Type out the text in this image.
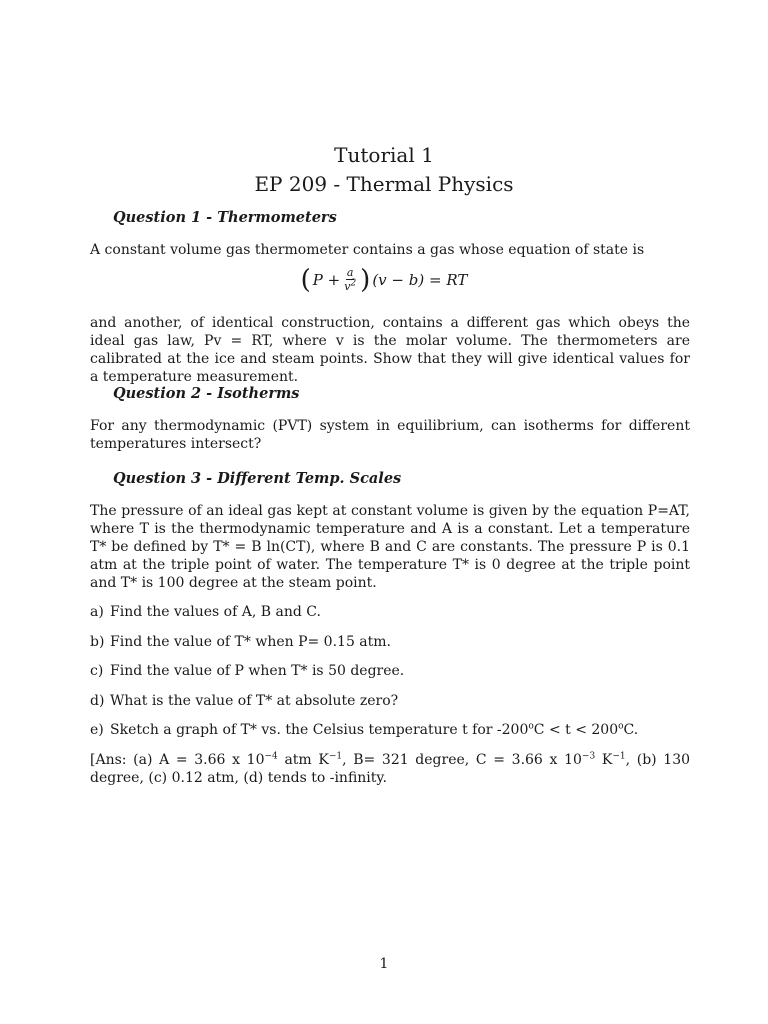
Tutorial 1
EP 209 - Thermal Physics
Question 1 - Thermometers
A constant volume gas thermometer contains a gas whose equation of state is
( $P + \frac{a}{v^2}$ ) (v − b) = RT
and another, of identical construction, contains a different gas which obeys the ideal gas law, Pv = RT, where v is the molar volume. The thermometers are calibrated at the ice and steam points. Show that they will give identical values for a temperature measurement.
Question 2 - Isotherms
For any thermodynamic (PVT) system in equilibrium, can isotherms for different temperatures intersect?
Question 3 - Different Temp. Scales
The pressure of an ideal gas kept at constant volume is given by the equation P=AT, where T is the thermodynamic temperature and A is a constant. Let a temperature T* be defined by T* = B ln(CT), where B and C are constants. The pressure P is 0.1 atm at the triple point of water. The temperature T* is 0 degree at the triple point and T* is 100 degree at the steam point.
a) Find the values of A, B and C.
b) Find the value of T* when P= 0.15 atm.
c) Find the value of P when T* is 50 degree.
d) What is the value of T* at absolute zero?
e) Sketch a graph of T* vs. the Celsius temperature t for $-200^oC < t < 200^oC$.
[Ans: (a) A = 3.66 x $10^{-4}$ atm $K^{-1}$, B= 321 degree, C = 3.66 x $10^{-3}$ $K^{-1}$, (b) 130 degree, (c) 0.12 atm, (d) tends to -infinity.
1
